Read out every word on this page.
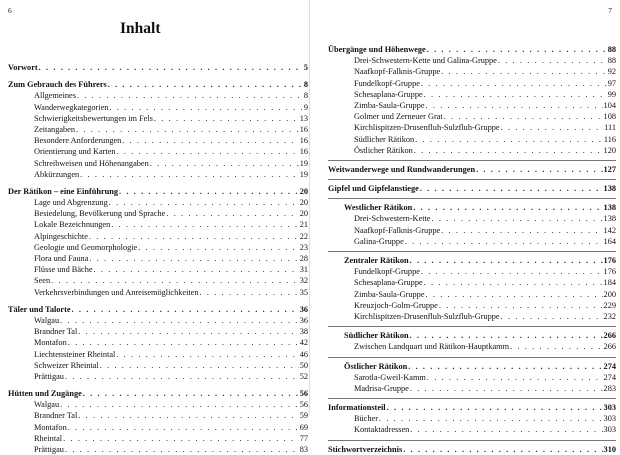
6
Inhalt
Vorwort . . .	5
Zum Gebrauch des Führers . . .	8
Allgemeines . . .	8
Wanderwegkategorien . . .	9
Schwierigkeitsbewertungen im Fels . . .	13
Zeitangaben . . .	16
Besondere Anforderungen . . .	16
Orientierung und Karten . . .	16
Schreibweisen und Höhenangaben . . .	19
Abkürzungen . . .	19
Der Rätikon – eine Einführung . . .	20
Lage und Abgrenzung . . .	20
Besiedelung, Bevölkerung und Sprache . . .	20
Lokale Bezeichnungen . . .	21
Alpingeschichte . . .	22
Geologie und Geomorphologie . . .	23
Flora und Fauna . . .	28
Flüsse und Bäche . . .	31
Seen . . .	32
Verkehrsverbindungen und Anreisemöglichkeiten . . .	35
Täler und Talorte . . .	36
Walgau . . .	36
Brandner Tal . . .	38
Montafon . . .	42
Liechtensteiner Rheintal . . .	46
Schweizer Rheintal . . .	50
Prättigau . . .	52
Hütten und Zugänge . . .	56
Walgau . . .	56
Brandner Tal . . .	59
Montafon . . .	69
Rheintal . . .	77
Prättigau . . .	83
7
Übergänge und Höhenwege . . .	88
Drei-Schwestern-Kette und Galina-Gruppe . . .	88
Naafkopf-Falknis-Gruppe . . .	92
Fundelkopf-Gruppe . . .	97
Schesaplana-Gruppe . . .	99
Zimba-Saula-Gruppe . . .	104
Golmer und Zerneuer Grat . . .	108
Kirchlispitzen-Drusenfluh-Sulzfluh-Gruppe . . .	111
Südlicher Rätikon . . .	116
Östlicher Rätikon . . .	120
Weitwanderwege und Rundwanderungen . . .	127
Gipfel und Gipfelanstiege . . .	138
Westlicher Rätikon . . .	138
Drei-Schwestern-Kette . . .	138
Naafkopf-Falknis-Gruppe . . .	142
Galina-Gruppe . . .	164
Zentraler Rätikon . . .	176
Fundelkopf-Gruppe . . .	176
Schesaplana-Gruppe . . .	184
Zimba-Saula-Gruppe . . .	200
Kreuzjoch-Golm-Gruppe . . .	229
Kirchlispitzen-Drusenfluh-Sulzfluh-Gruppe . . .	232
Südlicher Rätikon . . .	266
Zwischen Landquart und Rätikon-Hauptkamm . . .	266
Östlicher Rätikon . . .	274
Sarotla-Gweil-Kamm . . .	274
Madrisa-Gruppe . . .	283
Informationsteil . . .	303
Bücher . . .	303
Kontaktadressen . . .	303
Stichwortverzeichnis . . .	310
